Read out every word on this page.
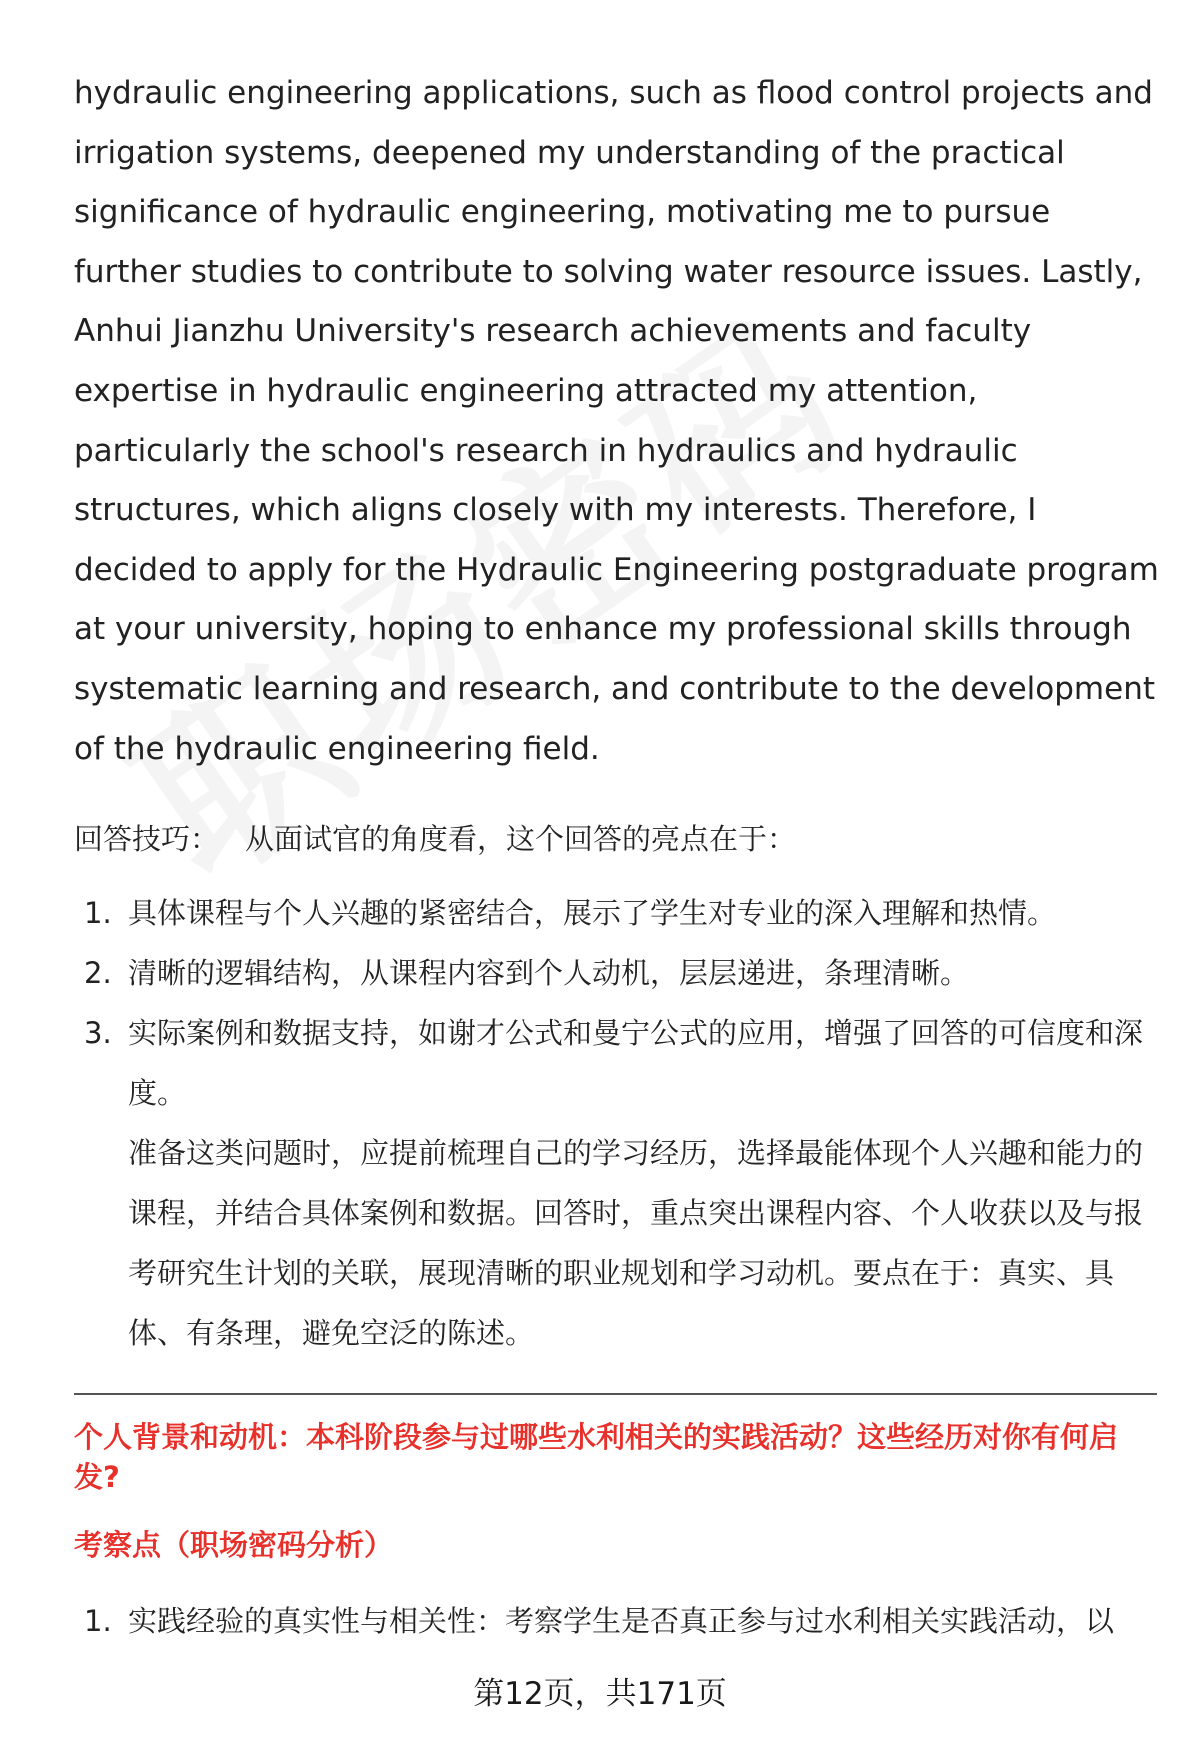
hydraulic engineering applications, such as flood control projects and irrigation systems, deepened my understanding of the practical significance of hydraulic engineering, motivating me to pursue further studies to contribute to solving water resource issues. Lastly, Anhui Jianzhu University's research achievements and faculty expertise in hydraulic engineering attracted my attention, particularly the school's research in hydraulics and hydraulic structures, which aligns closely with my interests. Therefore, I decided to apply for the Hydraulic Engineering postgraduate program at your university, hoping to enhance my professional skills through systematic learning and research, and contribute to the development of the hydraulic engineering field.

回答技巧： 从面试官的角度看，这个回答的亮点在于：
1. 具体课程与个人兴趣的紧密结合，展示了学生对专业的深入理解和热情。
2. 清晰的逻辑结构，从课程内容到个人动机，层层递进，条理清晰。
3. 实际案例和数据支持，如谢才公式和曼宁公式的应用，增强了回答的可信度和深度。
准备这类问题时，应提前梳理自己的学习经历，选择最能体现个人兴趣和能力的课程，并结合具体案例和数据。回答时，重点突出课程内容、个人收获以及与报考研究生计划的关联，展现清晰的职业规划和学习动机。要点在于：真实、具体、有条理，避免空泛的陈述。
个人背景和动机：本科阶段参与过哪些水利相关的实践活动？这些经历对你有何启发?
考察点（职场密码分析）
1. 实践经验的真实性与相关性：考察学生是否真正参与过水利相关实践活动，以
第12页，共171页
